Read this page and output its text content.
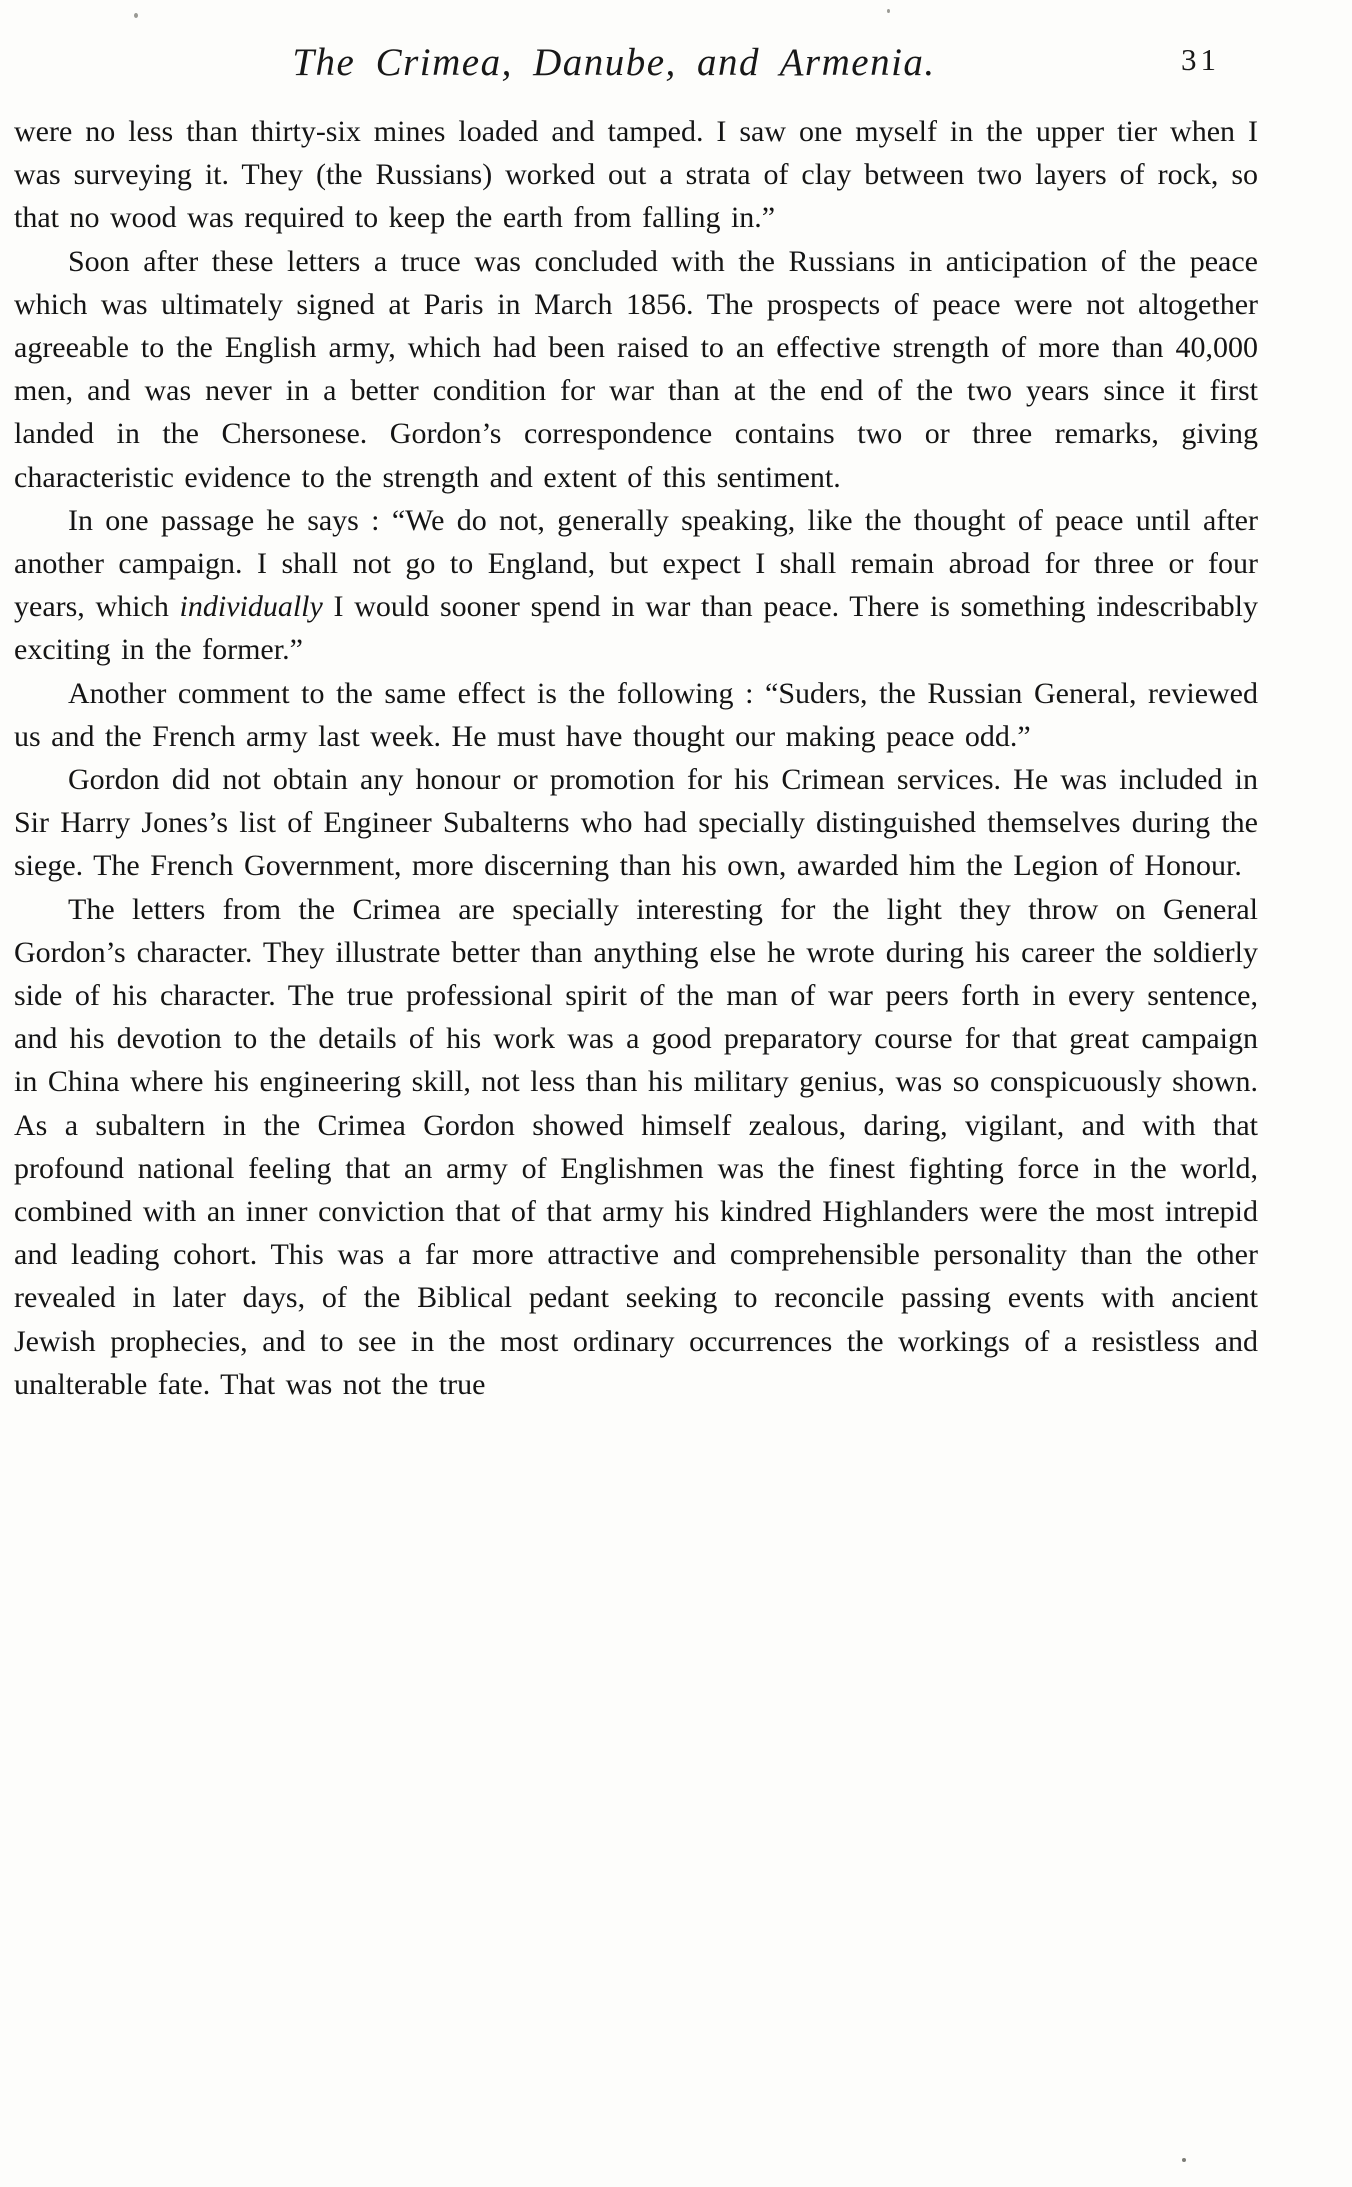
The Crimea, Danube, and Armenia.	31

were no less than thirty-six mines loaded and tamped. I saw one myself in the upper tier when I was surveying it. They (the Russians) worked out a strata of clay between two layers of rock, so that no wood was required to keep the earth from falling in.”

Soon after these letters a truce was concluded with the Russians in anticipation of the peace which was ultimately signed at Paris in March 1856. The prospects of peace were not altogether agreeable to the English army, which had been raised to an effective strength of more than 40,000 men, and was never in a better condition for war than at the end of the two years since it first landed in the Chersonese. Gordon’s correspondence contains two or three remarks, giving characteristic evidence to the strength and extent of this sentiment.

In one passage he says : “We do not, generally speaking, like the thought of peace until after another campaign. I shall not go to England, but expect I shall remain abroad for three or four years, which individually I would sooner spend in war than peace. There is something indescribably exciting in the former.”

Another comment to the same effect is the following : “Suders, the Russian General, reviewed us and the French army last week. He must have thought our making peace odd.”

Gordon did not obtain any honour or promotion for his Crimean services. He was included in Sir Harry Jones’s list of Engineer Subalterns who had specially distinguished themselves during the siege. The French Government, more discerning than his own, awarded him the Legion of Honour.

The letters from the Crimea are specially interesting for the light they throw on General Gordon’s character. They illustrate better than anything else he wrote during his career the soldierly side of his character. The true professional spirit of the man of war peers forth in every sentence, and his devotion to the details of his work was a good preparatory course for that great campaign in China where his engineering skill, not less than his military genius, was so conspicuously shown. As a subaltern in the Crimea Gordon showed himself zealous, daring, vigilant, and with that profound national feeling that an army of Englishmen was the finest fighting force in the world, combined with an inner conviction that of that army his kindred Highlanders were the most intrepid and leading cohort. This was a far more attractive and comprehensible personality than the other revealed in later days, of the Biblical pedant seeking to reconcile passing events with ancient Jewish prophecies, and to see in the most ordinary occurrences the workings of a resistless and unalterable fate. That was not the true
